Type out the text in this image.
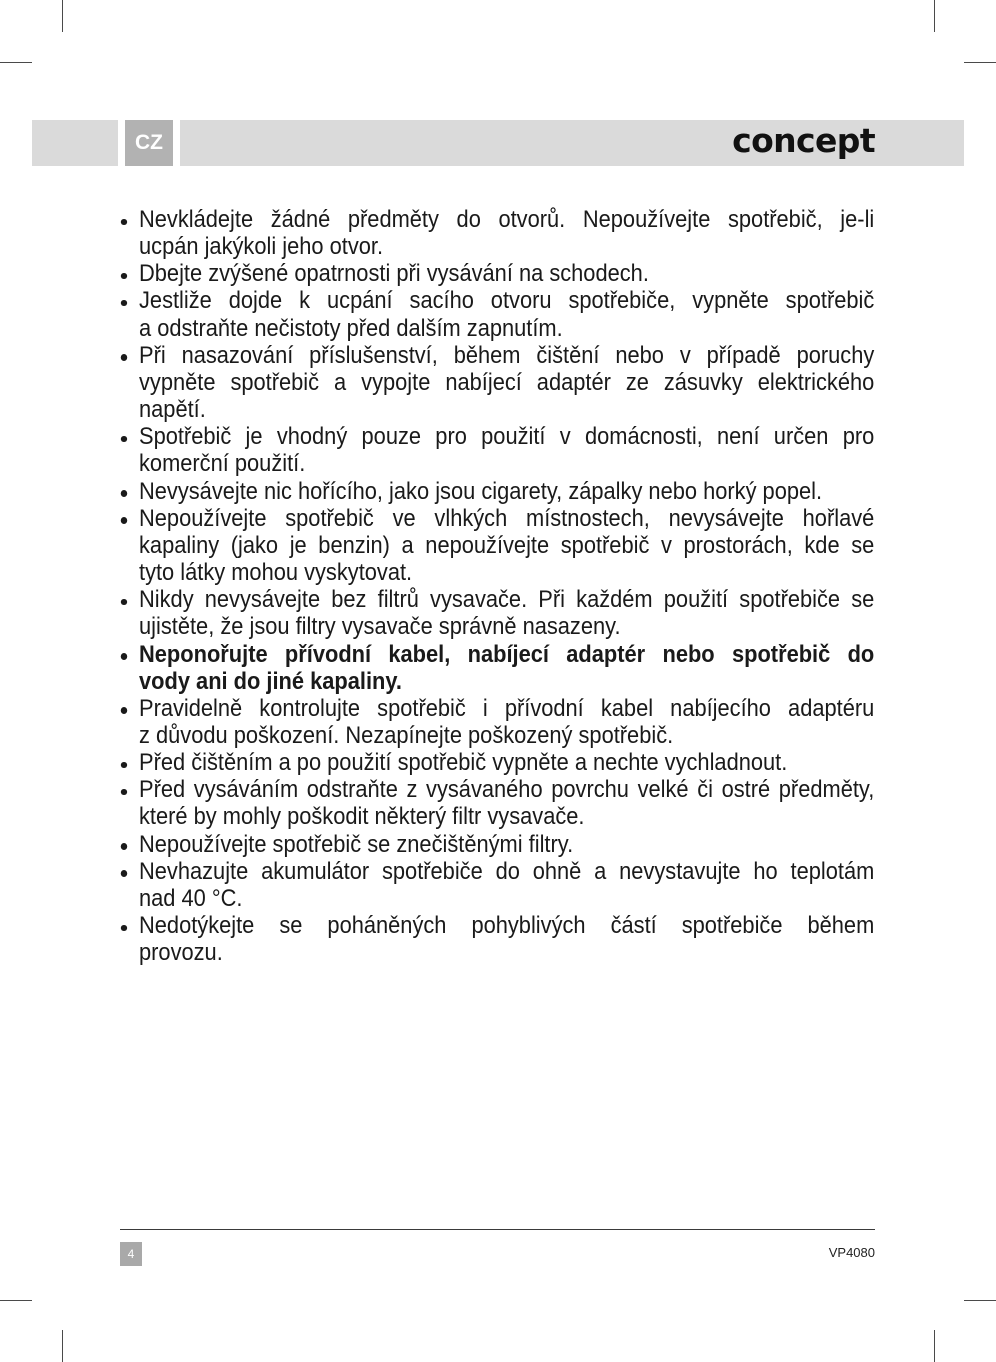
CZ	concept
Nevkládejte žádné předměty do otvorů. Nepoužívejte spotřebič, je-li
ucpán jakýkoli jeho otvor.
Dbejte zvýšené opatrnosti při vysávání na schodech.
Jestliže dojde k ucpání sacího otvoru spotřebiče, vypněte spotřebič
a odstraňte nečistoty před dalším zapnutím.
Při nasazování příslušenství, během čištění nebo v případě poruchy
vypněte spotřebič a vypojte nabíjecí adaptér ze zásuvky elektrického
napětí.
Spotřebič je vhodný pouze pro použití v domácnosti, není určen pro
komerční použití.
Nevysávejte nic hořícího, jako jsou cigarety, zápalky nebo horký popel.
Nepoužívejte spotřebič ve vlhkých místnostech, nevysávejte hořlavé
kapaliny (jako je benzin) a nepoužívejte spotřebič v prostorách, kde se
tyto látky mohou vyskytovat.
Nikdy nevysávejte bez filtrů vysavače. Při každém použití spotřebiče se
ujistěte, že jsou filtry vysavače správně nasazeny.
Neponořujte přívodní kabel, nabíjecí adaptér nebo spotřebič do
vody ani do jiné kapaliny.
Pravidelně kontrolujte spotřebič i přívodní kabel nabíjecího adaptéru
z důvodu poškození. Nezapínejte poškozený spotřebič.
Před čištěním a po použití spotřebič vypněte a nechte vychladnout.
Před vysáváním odstraňte z vysávaného povrchu velké či ostré předměty,
které by mohly poškodit některý filtr vysavače.
Nepoužívejte spotřebič se znečištěnými filtry.
Nevhazujte akumulátor spotřebiče do ohně a nevystavujte ho teplotám
nad 40 °C.
Nedotýkejte se poháněných pohyblivých částí spotřebiče během
provozu.
4	VP4080
